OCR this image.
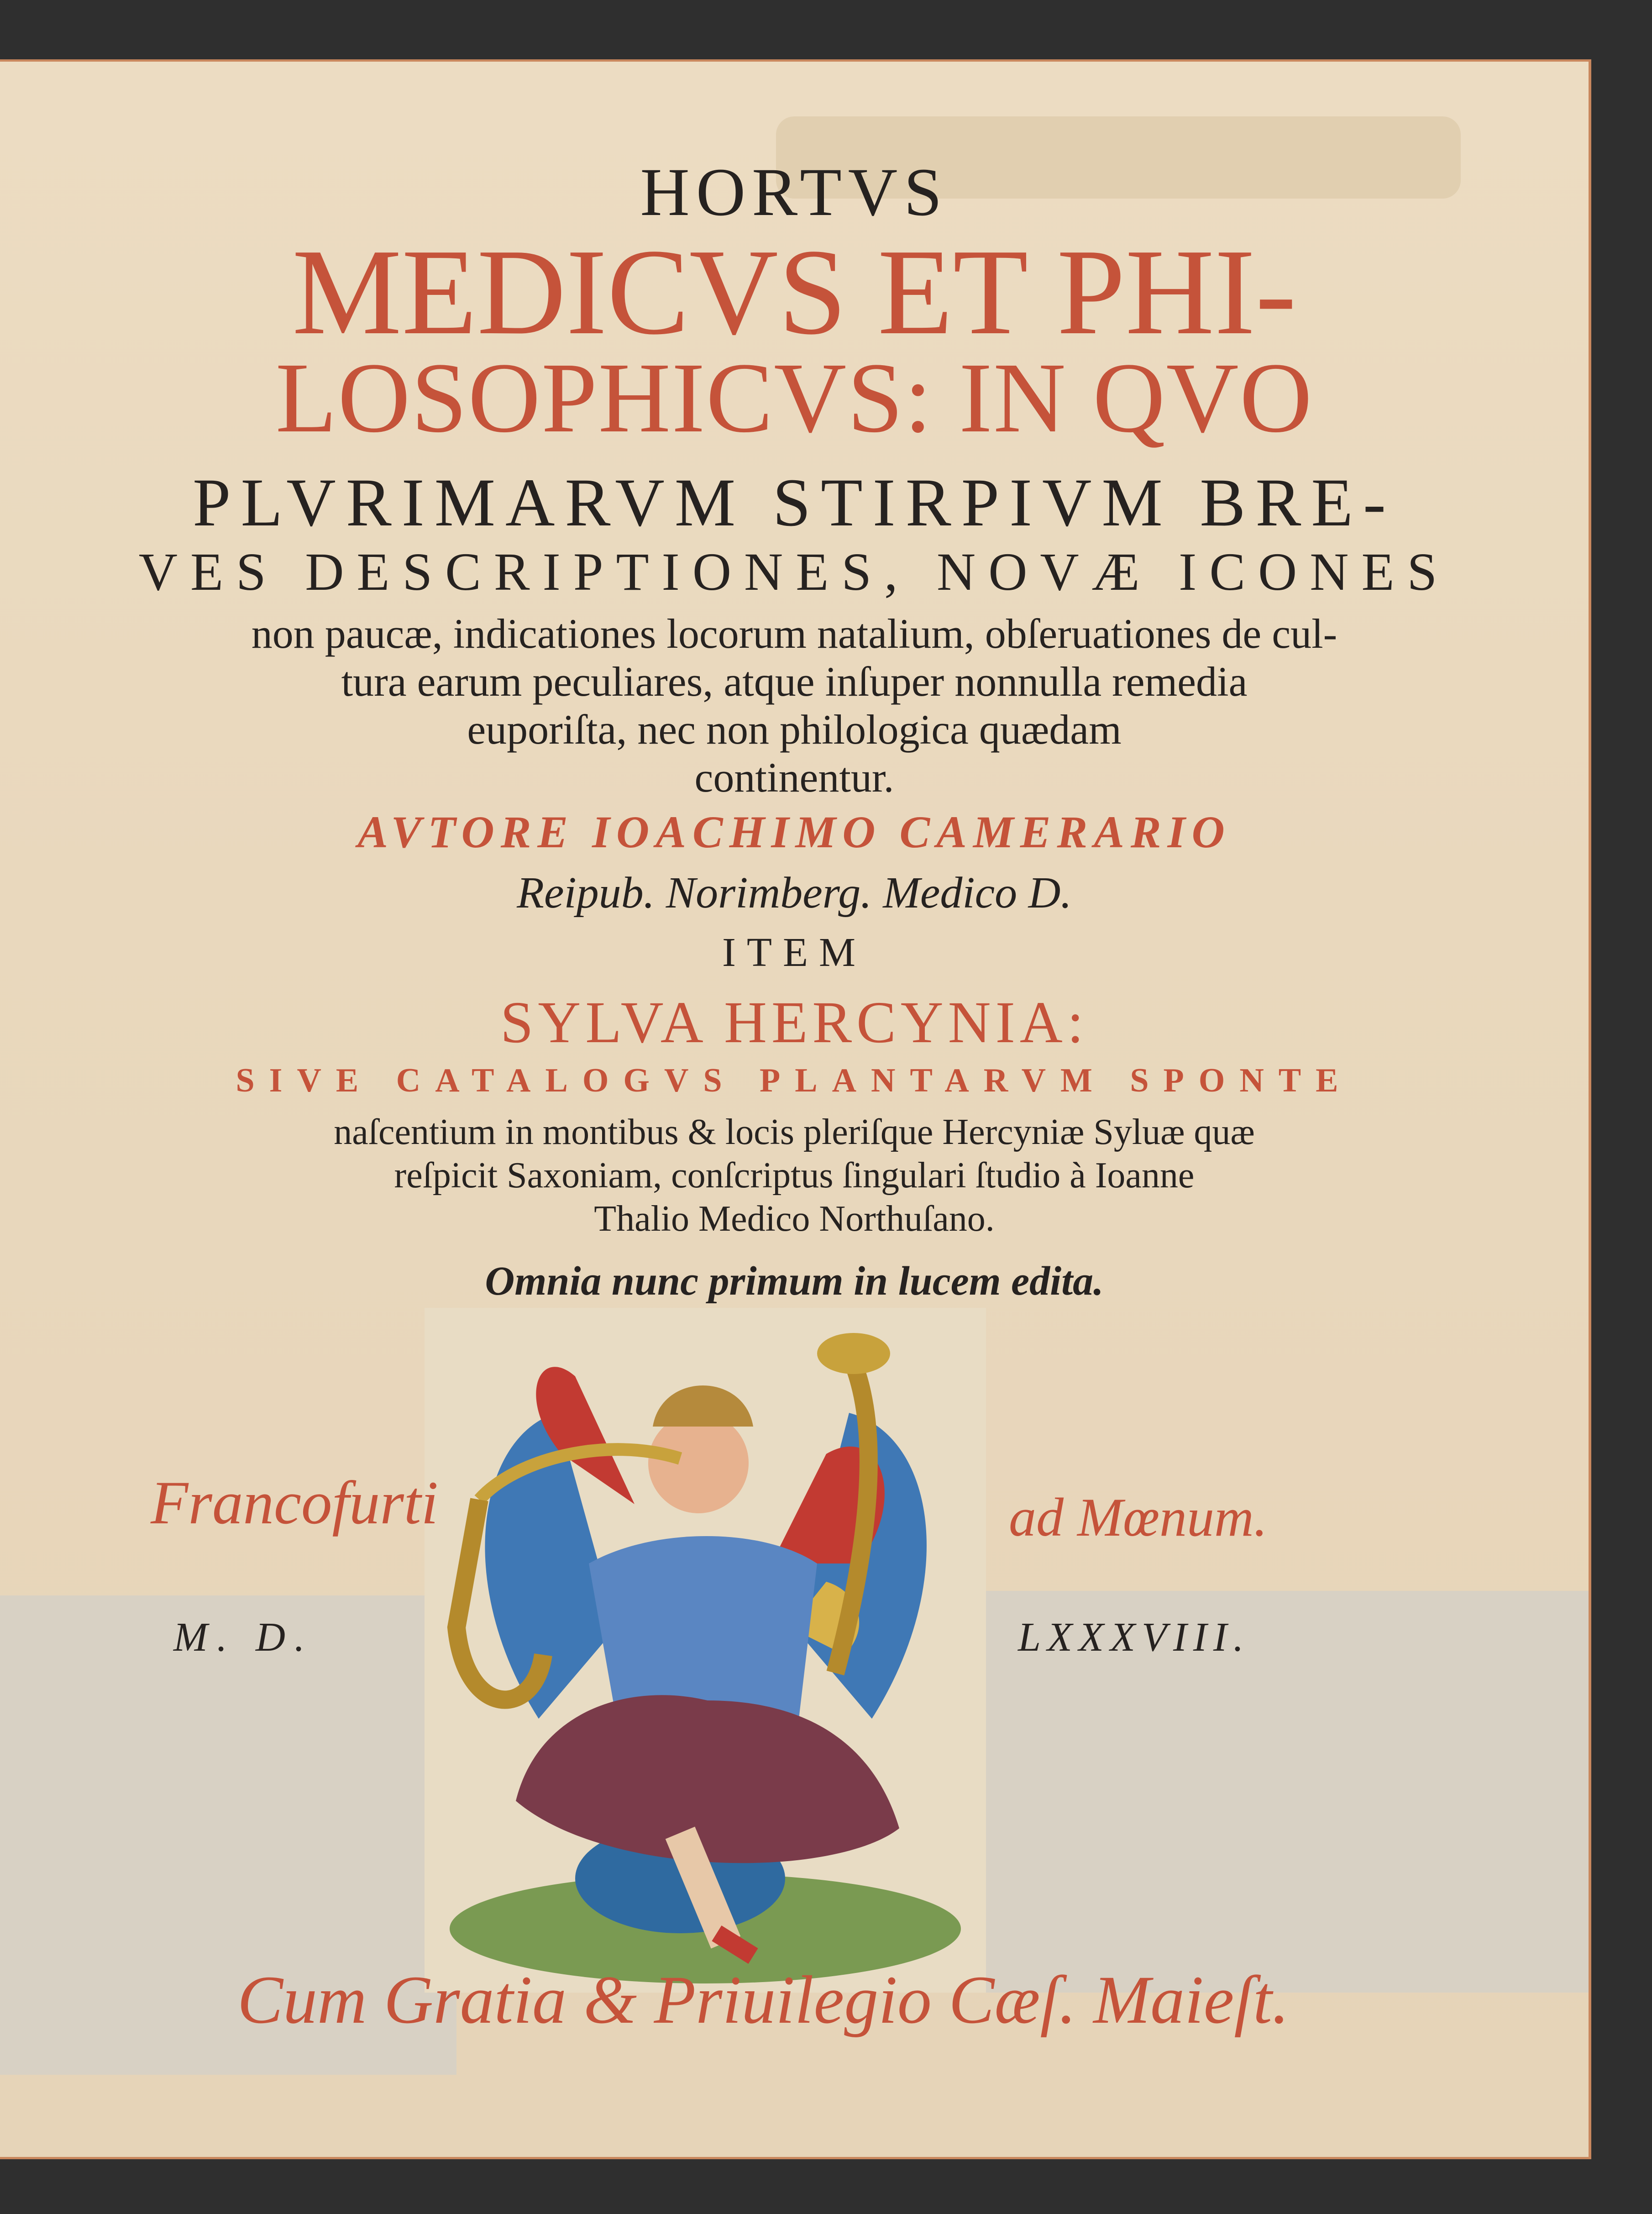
HORTVS
MEDICVS ET PHI-
LOSOPHICVS: IN QVO
PLVRIMARVM STIRPIVM BRE-
VES DESCRIPTIONES, NOVÆ ICONES
non paucæ, indicationes locorum natalium, obſeruationes de cul-
tura earum peculiares, atque inſuper nonnulla remedia
euporiſta, nec non philologica quædam
continentur.
AVTORE IOACHIMO CAMERARIO
Reipub. Norimberg. Medico D.
ITEM
SYLVA HERCYNIA:
SIVE CATALOGVS PLANTARVM SPONTE
naſcentium in montibus & locis pleriſque Hercyniæ Syluæ quæ
reſpicit Saxoniam, conſcriptus ſingulari ſtudio à Ioanne
Thalio Medico Northuſano.
Omnia nunc primum in lucem edita.
Francofurti	ad Mœnum.
M. D.	LXXXVIII.
Cum Gratia & Priuilegio Cæſ. Maieſt.
